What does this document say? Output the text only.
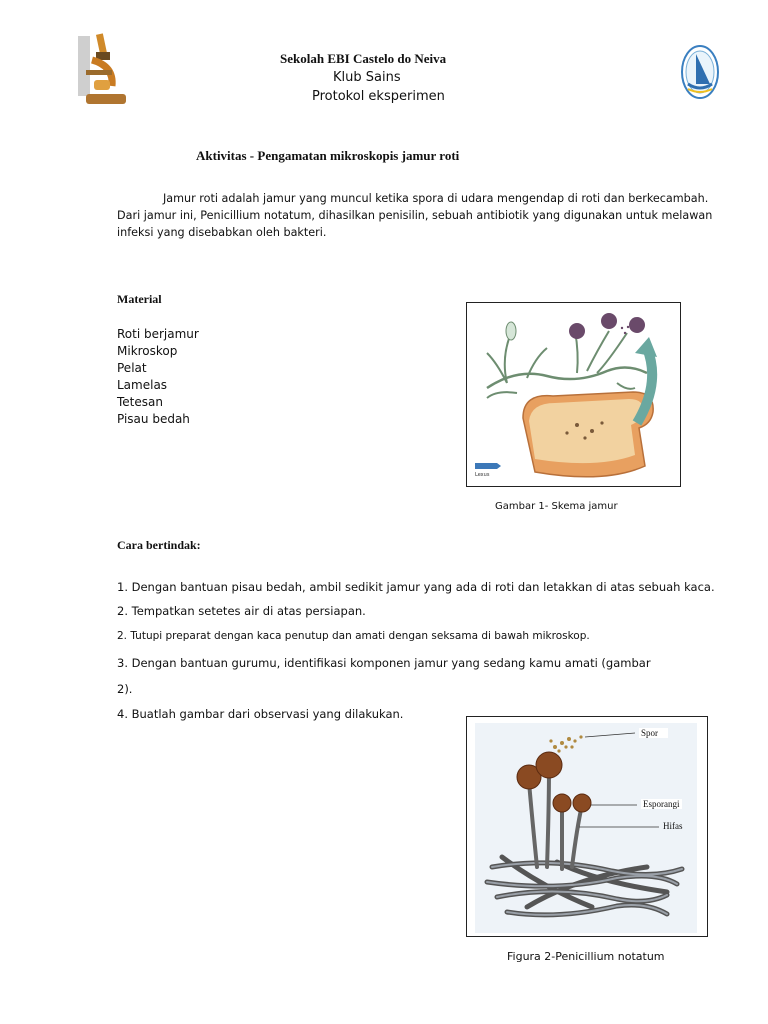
Sekolah EBI Castelo do Neiva
Klub Sains
Protokol eksperimen
Aktivitas - Pengamatan mikroskopis jamur roti
Jamur roti adalah jamur yang muncul ketika spora di udara mengendap di roti dan berkecambah.
Dari jamur ini, Penicillium notatum, dihasilkan penisilin, sebuah antibiotik yang digunakan untuk melawan
infeksi yang disebabkan oleh bakteri.
Material
Roti berjamur
Mikroskop
Pelat
Lamelas
Tetesan
Pisau bedah
Lexus
Gambar 1- Skema jamur
Cara bertindak:
1. Dengan bantuan pisau bedah, ambil sedikit jamur yang ada di roti dan letakkan di atas sebuah kaca.
2. Tempatkan setetes air di atas persiapan.
2. Tutupi preparat dengan kaca penutup dan amati dengan seksama di bawah mikroskop.
3. Dengan bantuan gurumu, identifikasi komponen jamur yang sedang kamu amati (gambar
2).
4. Buatlah gambar dari observasi yang dilakukan.
Spor
Esporangi
Hifas
Figura 2-Penicillium notatum
